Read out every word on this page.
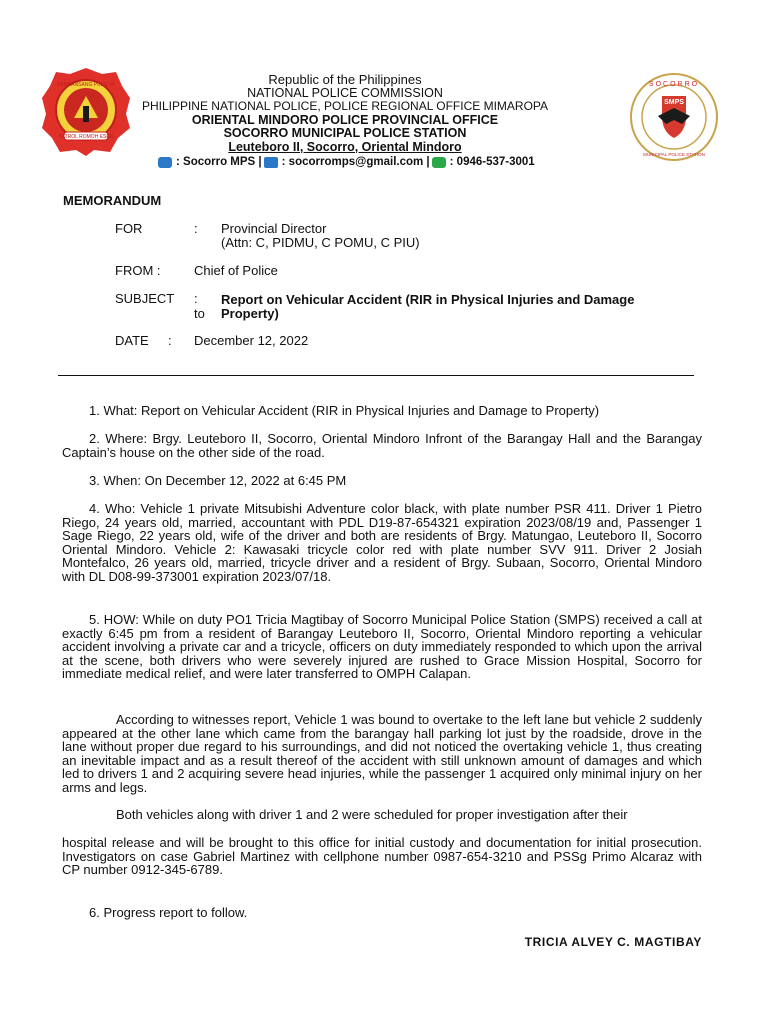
PATROL ROMOH ESEN
PAMBANSANG PULISYA
SMPS
SOCORRO
MUNICIPAL POLICE STATION
Republic of the Philippines
NATIONAL POLICE COMMISSION
PHILIPPINE NATIONAL POLICE, POLICE REGIONAL OFFICE MIMAROPA
ORIENTAL MINDORO POLICE PROVINCIAL OFFICE
SOCORRO MUNICIPAL POLICE STATION
Leuteboro II, Socorro, Oriental Mindoro
: Socorro MPS | : socorromps@gmail.com | : 0946-537-3001
MEMORANDUM
FOR	: Provincial Director
(Attn: C, PIDMU, C POMU, C PIU)
FROM :	Chief of Police
SUBJECT : Report on Vehicular Accident (RIR in Physical Injuries and Damage
to Property)
DATE : December 12, 2022
1. What: Report on Vehicular Accident (RIR in Physical Injuries and Damage to Property)
2. Where: Brgy. Leuteboro II, Socorro, Oriental Mindoro Infront of the Barangay Hall and the Barangay Captain’s house on the other side of the road.
3. When: On December 12, 2022 at 6:45 PM
4. Who: Vehicle 1 private Mitsubishi Adventure color black, with plate number PSR 411. Driver 1 Pietro Riego, 24 years old, married, accountant with PDL D19-87-654321 expiration 2023/08/19 and, Passenger 1 Sage Riego, 22 years old, wife of the driver and both are residents of Brgy. Matungao, Leuteboro II, Socorro Oriental Mindoro. Vehicle 2: Kawasaki tricycle color red with plate number SVV 911. Driver 2 Josiah Montefalco, 26 years old, married, tricycle driver and a resident of Brgy. Subaan, Socorro, Oriental Mindoro with DL D08-99-373001 expiration 2023/07/18.
5. HOW: While on duty PO1 Tricia Magtibay of Socorro Municipal Police Station (SMPS) received a call at exactly 6:45 pm from a resident of Barangay Leuteboro II, Socorro, Oriental Mindoro reporting a vehicular accident involving a private car and a tricycle, officers on duty immediately responded to which upon the arrival at the scene, both drivers who were severely injured are rushed to Grace Mission Hospital, Socorro for immediate medical relief, and were later transferred to OMPH Calapan.
According to witnesses report, Vehicle 1 was bound to overtake to the left lane but vehicle 2 suddenly appeared at the other lane which came from the barangay hall parking lot just by the roadside, drove in the lane without proper due regard to his surroundings, and did not noticed the overtaking vehicle 1, thus creating an inevitable impact and as a result thereof of the accident with still unknown amount of damages and which led to drivers 1 and 2 acquiring severe head injuries, while the passenger 1 acquired only minimal injury on her arms and legs.
Both vehicles along with driver 1 and 2 were scheduled for proper investigation after their
hospital release and will be brought to this office for initial custody and documentation for initial prosecution. Investigators on case Gabriel Martinez with cellphone number 0987-654-3210 and PSSg Primo Alcaraz with CP number 0912-345-6789.
6. Progress report to follow.
TRICIA ALVEY C. MAGTIBAY
